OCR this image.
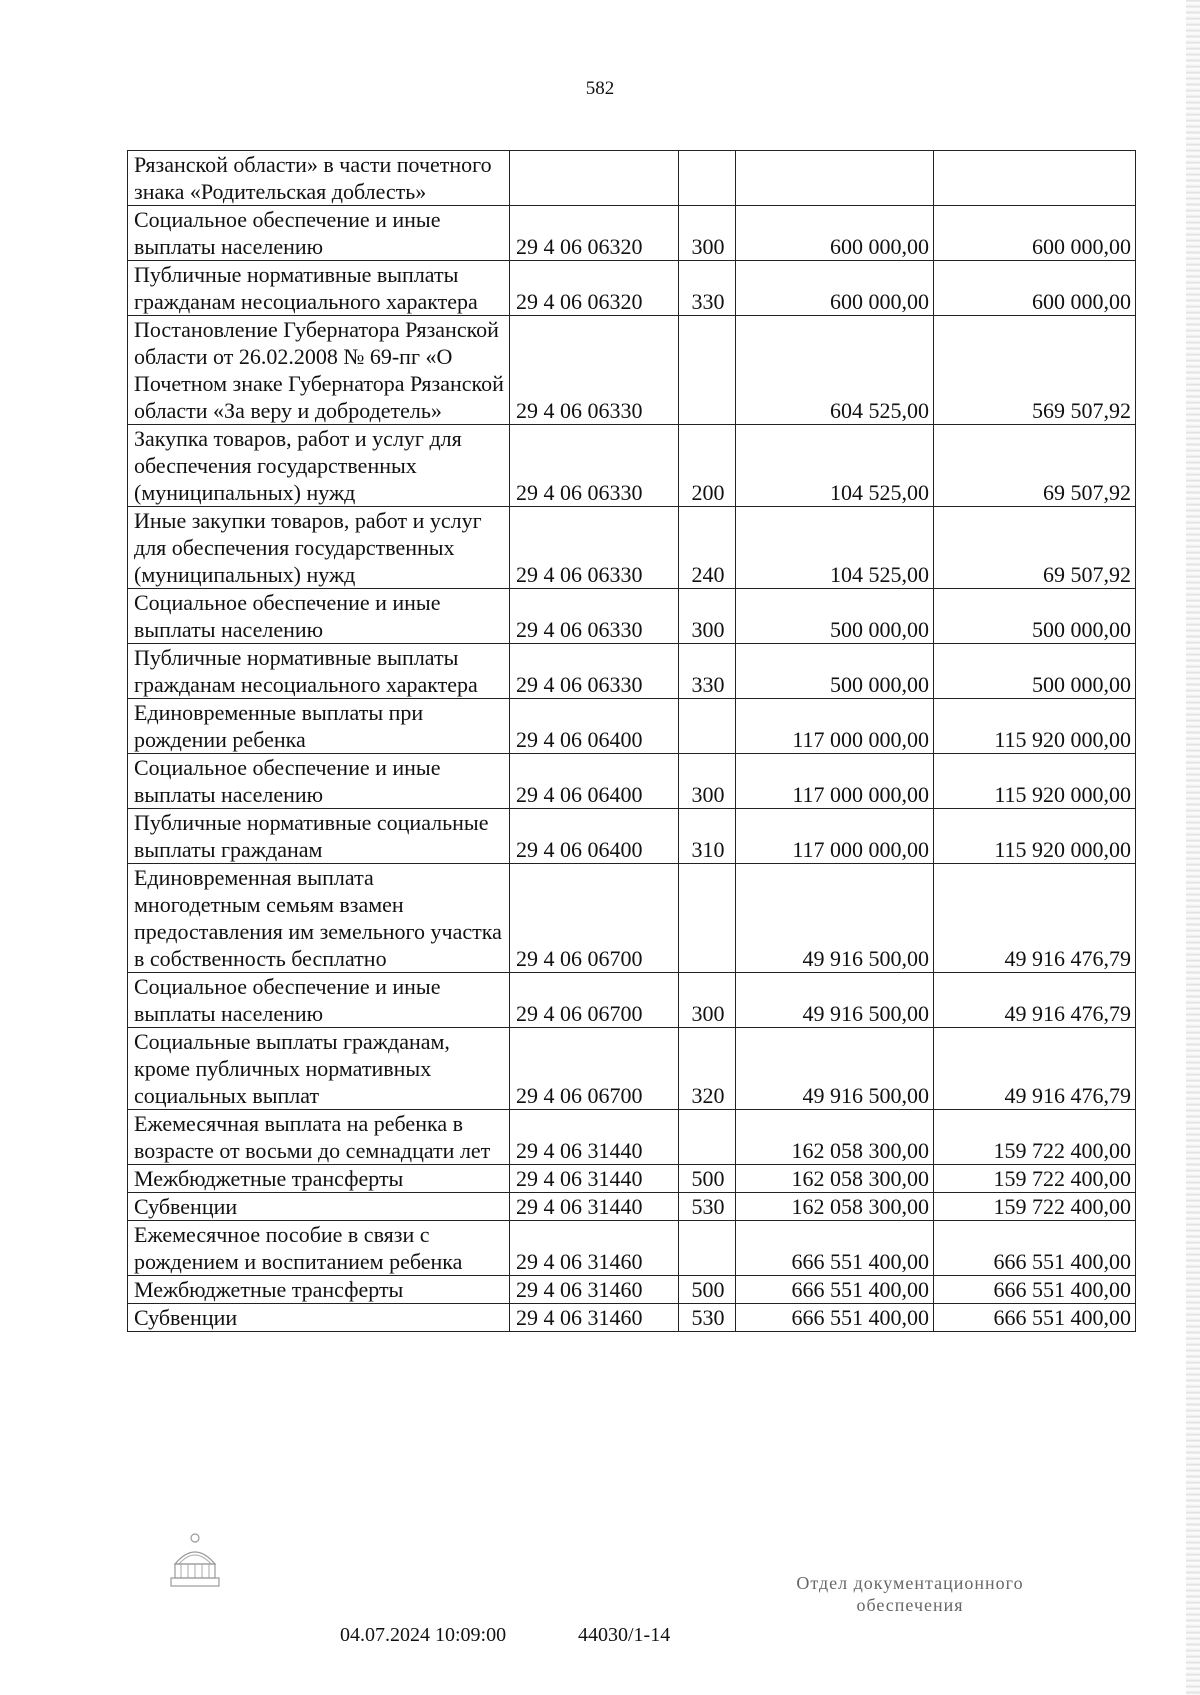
582
Рязанской области» в части почетного знака «Родительская доблесть»				
Социальное обеспечение и иные выплаты населению	29 4 06 06320	300	600 000,00	600 000,00
Публичные нормативные выплаты гражданам несоциального характера	29 4 06 06320	330	600 000,00	600 000,00
Постановление Губернатора Рязанской области от 26.02.2008 № 69-пг «О Почетном знаке Губернатора Рязанской области «За веру и добродетель»	29 4 06 06330		604 525,00	569 507,92
Закупка товаров, работ и услуг для обеспечения государственных (муниципальных) нужд	29 4 06 06330	200	104 525,00	69 507,92
Иные закупки товаров, работ и услуг для обеспечения государственных (муниципальных) нужд	29 4 06 06330	240	104 525,00	69 507,92
Социальное обеспечение и иные выплаты населению	29 4 06 06330	300	500 000,00	500 000,00
Публичные нормативные выплаты гражданам несоциального характера	29 4 06 06330	330	500 000,00	500 000,00
Единовременные выплаты при рождении ребенка	29 4 06 06400		117 000 000,00	115 920 000,00
Социальное обеспечение и иные выплаты населению	29 4 06 06400	300	117 000 000,00	115 920 000,00
Публичные нормативные социальные выплаты гражданам	29 4 06 06400	310	117 000 000,00	115 920 000,00
Единовременная выплата многодетным семьям взамен предоставления им земельного участка в собственность бесплатно	29 4 06 06700		49 916 500,00	49 916 476,79
Социальное обеспечение и иные выплаты населению	29 4 06 06700	300	49 916 500,00	49 916 476,79
Социальные выплаты гражданам, кроме публичных нормативных социальных выплат	29 4 06 06700	320	49 916 500,00	49 916 476,79
Ежемесячная выплата на ребенка в возрасте от восьми до семнадцати лет	29 4 06 31440		162 058 300,00	159 722 400,00
Межбюджетные трансферты	29 4 06 31440	500	162 058 300,00	159 722 400,00
Субвенции	29 4 06 31440	530	162 058 300,00	159 722 400,00
Ежемесячное пособие в связи с рождением и воспитанием ребенка	29 4 06 31460		666 551 400,00	666 551 400,00
Межбюджетные трансферты	29 4 06 31460	500	666 551 400,00	666 551 400,00
Субвенции	29 4 06 31460	530	666 551 400,00	666 551 400,00
04.07.2024 10:09:00	44030/1-14
Отдел документационного
обеспечения
